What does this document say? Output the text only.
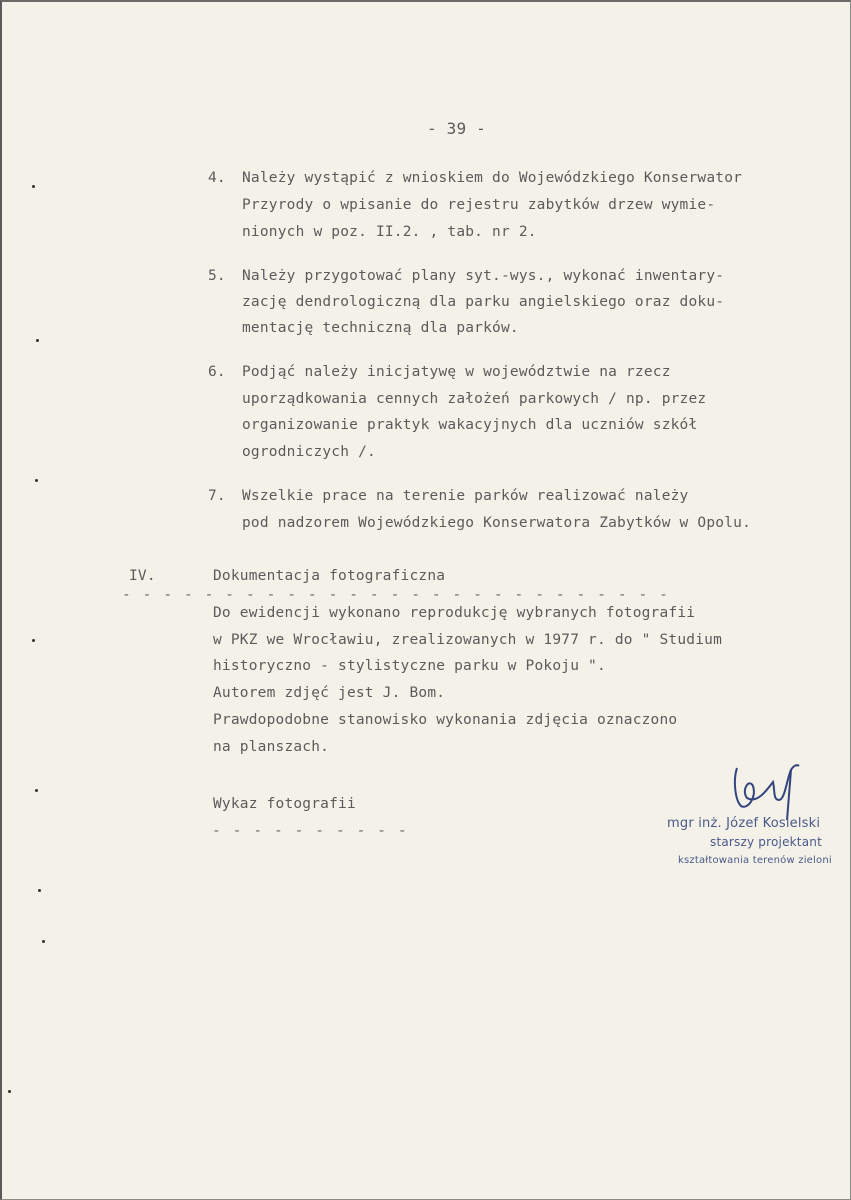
- 39 -
4. Należy wystąpić z wnioskiem do Wojewódzkiego Konserwator
Przyrody o wpisanie do rejestru zabytków drzew wymie-
nionych w poz. II.2. , tab. nr 2.
5. Należy przygotować plany syt.-wys., wykonać inwentary-
zację dendrologiczną dla parku angielskiego oraz doku-
mentację techniczną dla parków.
6. Podjąć należy inicjatywę w województwie na rzecz
uporządkowania cennych założeń parkowych / np. przez
organizowanie praktyk wakacyjnych dla uczniów szkół
ogrodniczych /.
7. Wszelkie prace na terenie parków realizować należy
pod nadzorem Wojewódzkiego Konserwatora Zabytków w Opolu.
IV.	Dokumentacja fotograficzna
- - - - - - - - - - - - - - - - - - - - - - - - - - -
Do ewidencji wykonano reprodukcję wybranych fotografii
w PKZ we Wrocławiu, zrealizowanych w 1977 r. do " Studium
historyczno - stylistyczne parku w Pokoju ".
Autorem zdjęć jest J. Bom.
Prawdopodobne stanowisko wykonania zdjęcia oznaczono
na planszach.
Wykaz fotografii
- - - - - - - - - -	mgr inż. Józef Kosielski
starszy projektant
kształtowania terenów zieloni
